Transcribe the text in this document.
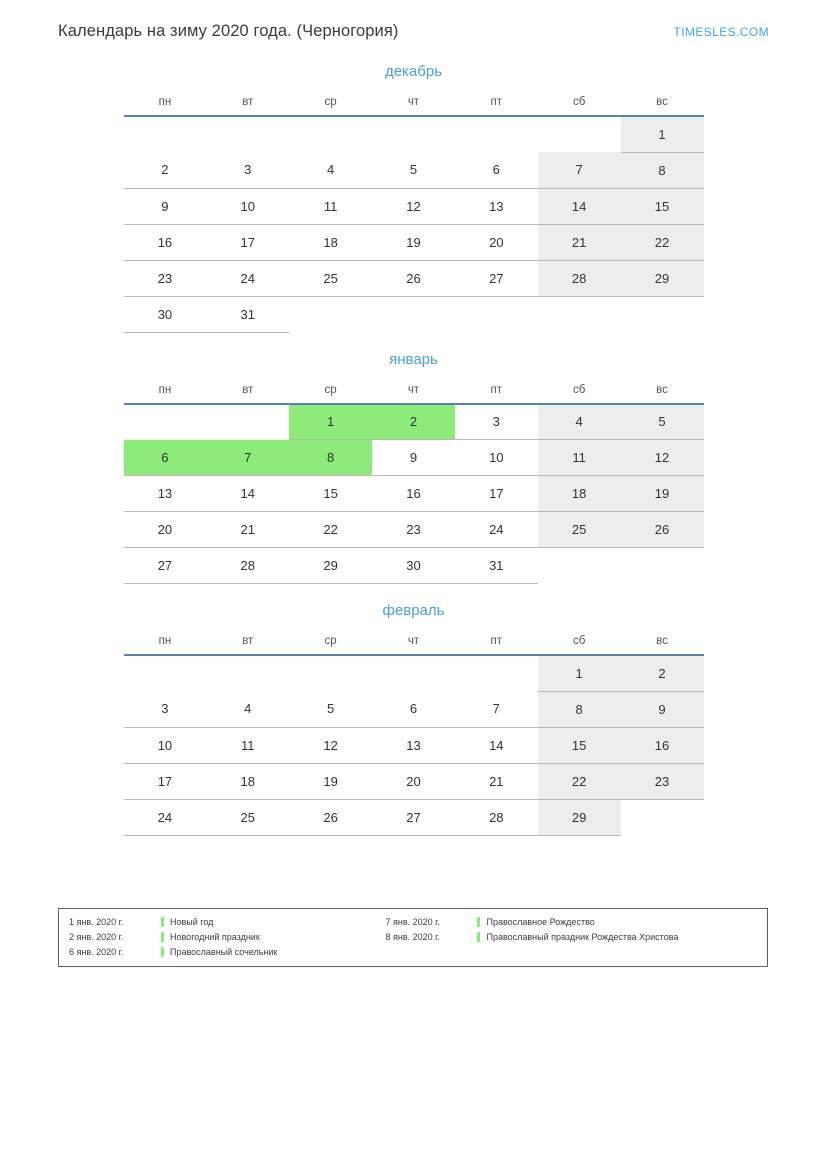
Календарь на зиму 2020 года. (Черногория)	TIMESLES.COM
декабрь
пн	вт	ср	чт	пт	сб	вс
						1
2	3	4	5	6	7	8
9	10	11	12	13	14	15
16	17	18	19	20	21	22
23	24	25	26	27	28	29
30	31					
январь
пн	вт	ср	чт	пт	сб	вс
		1	2	3	4	5
6	7	8	9	10	11	12
13	14	15	16	17	18	19
20	21	22	23	24	25	26
27	28	29	30	31		
февраль
пн	вт	ср	чт	пт	сб	вс
					1	2
3	4	5	6	7	8	9
10	11	12	13	14	15	16
17	18	19	20	21	22	23
24	25	26	27	28	29	
1 янв. 2020 г.	Новый год
2 янв. 2020 г.	Новогодний праздник
6 янв. 2020 г.	Православный сочельник
7 янв. 2020 г.	Православное Рождество
8 янв. 2020 г.	Православный праздник Рождества Христова
